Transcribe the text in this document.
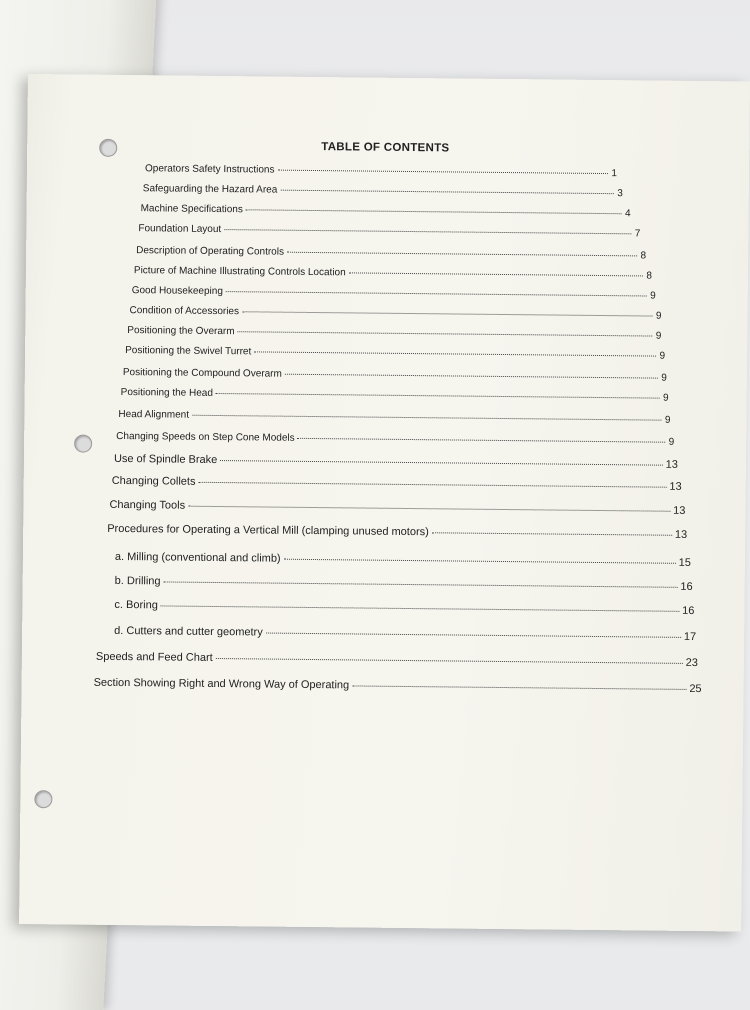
TABLE OF CONTENTS
Operators Safety Instructions	1
Safeguarding the Hazard Area	3
Machine Specifications	4
Foundation Layout	7
Description of Operating Controls	8
Picture of Machine Illustrating Controls Location	8
Good Housekeeping	9
Condition of Accessories	9
Positioning the Overarm	9
Positioning the Swivel Turret	9
Positioning the Compound Overarm	9
Positioning the Head	9
Head Alignment	9
Changing Speeds on Step Cone Models	9
Use of Spindle Brake	13
Changing Collets	13
Changing Tools	13
Procedures for Operating a Vertical Mill (clamping unused motors)	13
a. Milling (conventional and climb)	15
b. Drilling	16
c. Boring	16
d. Cutters and cutter geometry	17
Speeds and Feed Chart	23
Section Showing Right and Wrong Way of Operating	25
